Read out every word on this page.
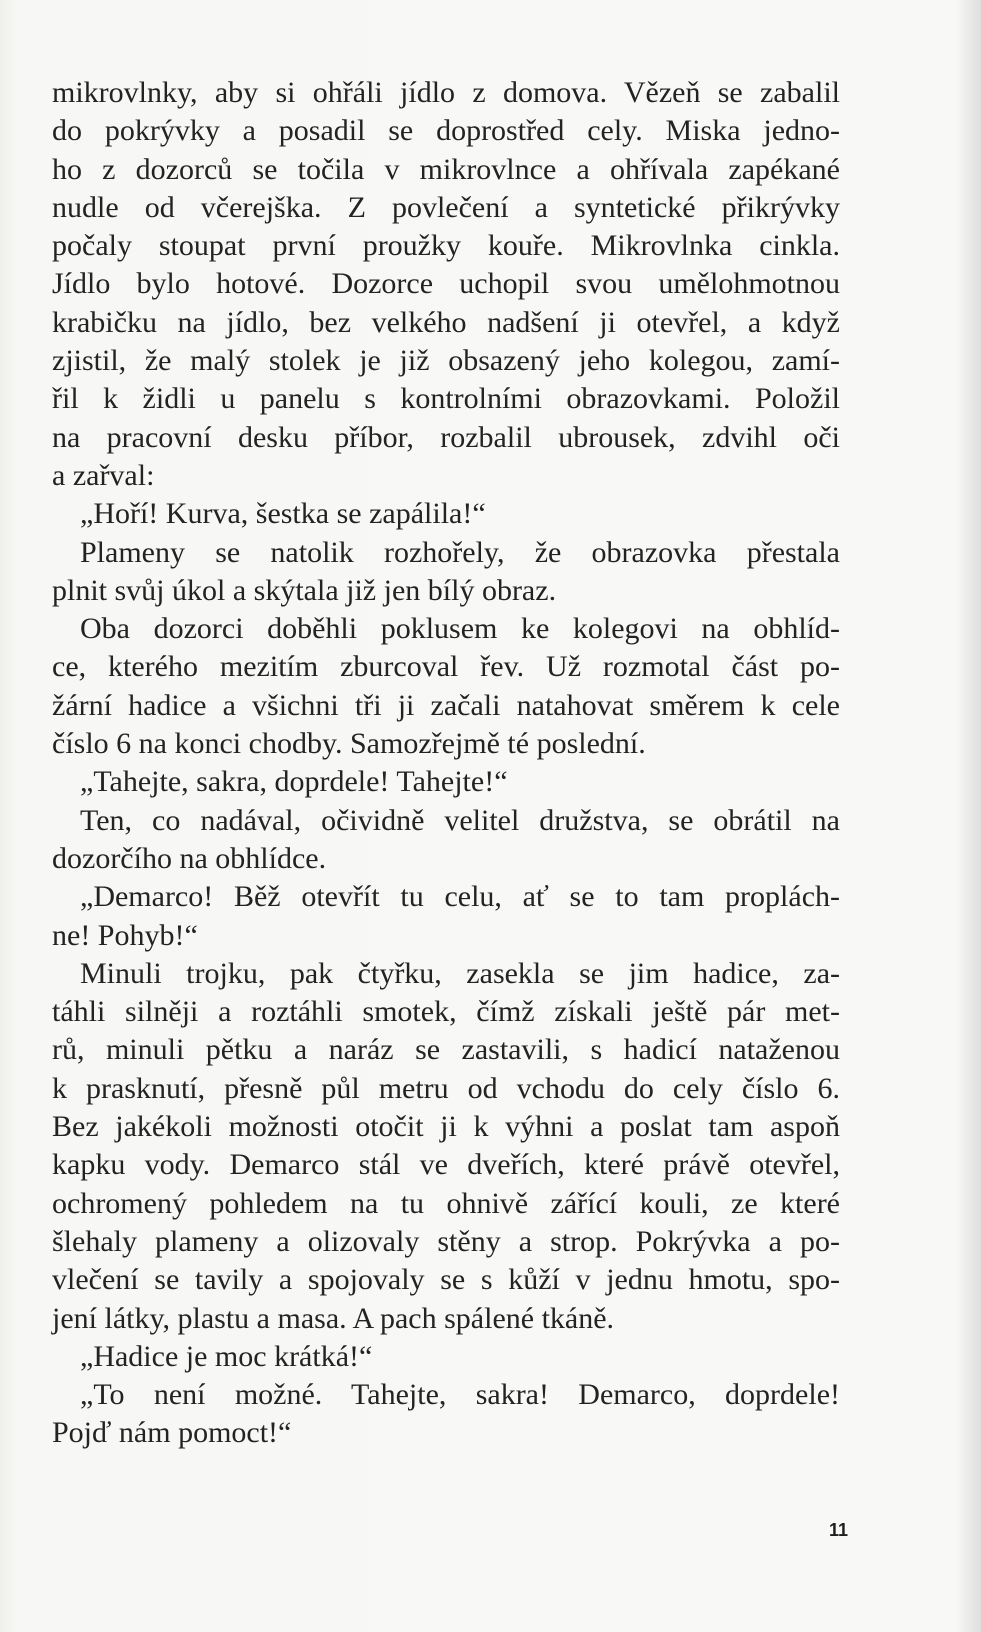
mikrovlnky, aby si ohřáli jídlo z domova. Vězeň se zabalil
do pokrývky a posadil se doprostřed cely. Miska jedno-
ho z dozorců se točila v mikrovlnce a ohřívala zapékané
nudle od včerejška. Z povlečení a syntetické přikrývky
počaly stoupat první proužky kouře. Mikrovlnka cinkla.
Jídlo bylo hotové. Dozorce uchopil svou umělohmotnou
krabičku na jídlo, bez velkého nadšení ji otevřel, a když
zjistil, že malý stolek je již obsazený jeho kolegou, zamí-
řil k židli u panelu s kontrolními obrazovkami. Položil
na pracovní desku příbor, rozbalil ubrousek, zdvihl oči
a zařval:
„Hoří! Kurva, šestka se zapálila!“
Plameny se natolik rozhořely, že obrazovka přestala
plnit svůj úkol a skýtala již jen bílý obraz.
Oba dozorci doběhli poklusem ke kolegovi na obhlíd-
ce, kterého mezitím zburcoval řev. Už rozmotal část po-
žární hadice a všichni tři ji začali natahovat směrem k cele
číslo 6 na konci chodby. Samozřejmě té poslední.
„Tahejte, sakra, doprdele! Tahejte!“
Ten, co nadával, očividně velitel družstva, se obrátil na
dozorčího na obhlídce.
„Demarco! Běž otevřít tu celu, ať se to tam proplách-
ne! Pohyb!“
Minuli trojku, pak čtyřku, zasekla se jim hadice, za-
táhli silněji a roztáhli smotek, čímž získali ještě pár met-
rů, minuli pětku a naráz se zastavili, s hadicí nataženou
k prasknutí, přesně půl metru od vchodu do cely číslo 6.
Bez jakékoli možnosti otočit ji k výhni a poslat tam aspoň
kapku vody. Demarco stál ve dveřích, které právě otevřel,
ochromený pohledem na tu ohnivě zářící kouli, ze které
šlehaly plameny a olizovaly stěny a strop. Pokrývka a po-
vlečení se tavily a spojovaly se s kůží v jednu hmotu, spo-
jení látky, plastu a masa. A pach spálené tkáně.
„Hadice je moc krátká!“
„To není možné. Tahejte, sakra! Demarco, doprdele!
Pojď nám pomoct!“
11
